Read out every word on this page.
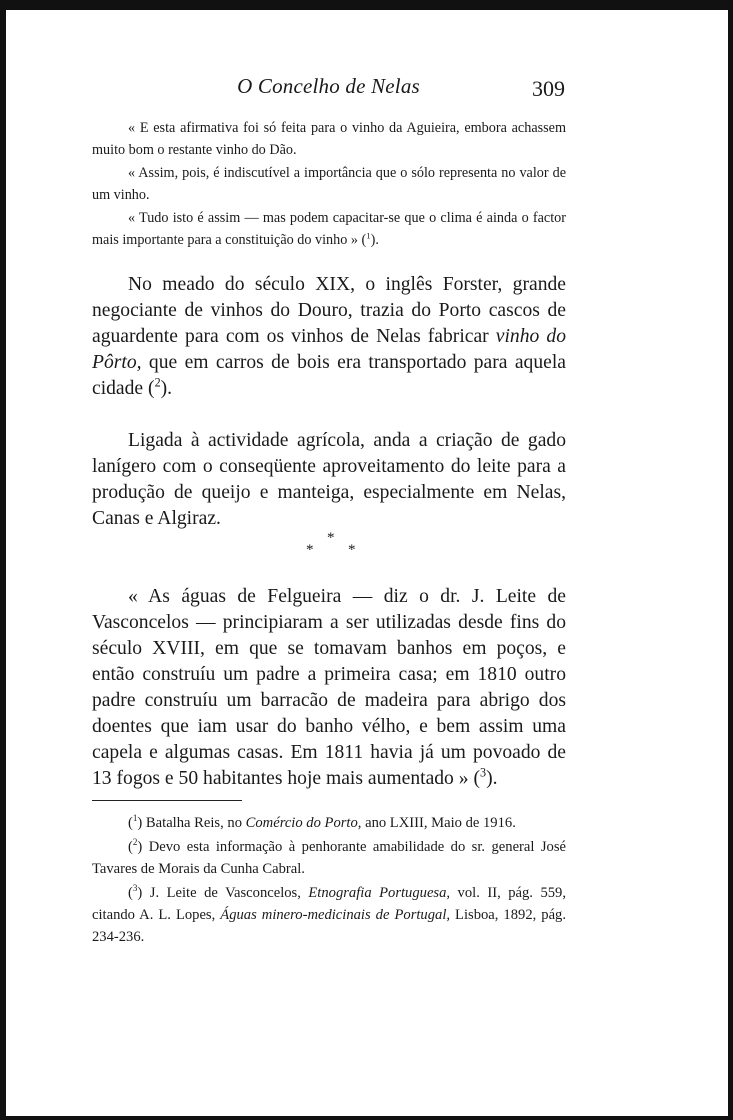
O Concelho de Nelas	309

« E esta afirmativa foi só feita para o vinho da Aguieira, embora achassem muito bom o restante vinho do Dão.

« Assim, pois, é indiscutível a importância que o sólo representa no valor de um vinho.

« Tudo isto é assim — mas podem capacitar-se que o clima é ainda o factor mais importante para a constituição do vinho » ($^1$).

No meado do século XIX, o inglês Forster, grande negociante de vinhos do Douro, trazia do Porto cascos de aguardente para com os vinhos de Nelas fabricar vinho do Pôrto, que em carros de bois era transportado para aquela cidade ($^2$).

Ligada à actividade agrícola, anda a criação de gado lanígero com o conseqüente aproveitamento do leite para a produção de queijo e manteiga, especialmente em Nelas, Canas e Algiraz.

*
* *

« As águas de Felgueira — diz o dr. J. Leite de Vasconcelos — principiaram a ser utilizadas desde fins do século XVIII, em que se tomavam banhos em poços, e então construíu um padre a primeira casa; em 1810 outro padre construíu um barracão de madeira para abrigo dos doentes que iam usar do banho vélho, e bem assim uma capela e algumas casas. Em 1811 havia já um povoado de 13 fogos e 50 habitantes hoje mais aumentado » ($^3$).

($^1$) Batalha Reis, no Comércio do Porto, ano LXIII, Maio de 1916.

($^2$) Devo esta informação à penhorante amabilidade do sr. general José Tavares de Morais da Cunha Cabral.

($^3$) J. Leite de Vasconcelos, Etnografia Portuguesa, vol. II, pág. 559, citando A. L. Lopes, Águas minero-medicinais de Portugal, Lisboa, 1892, pág. 234-236.
